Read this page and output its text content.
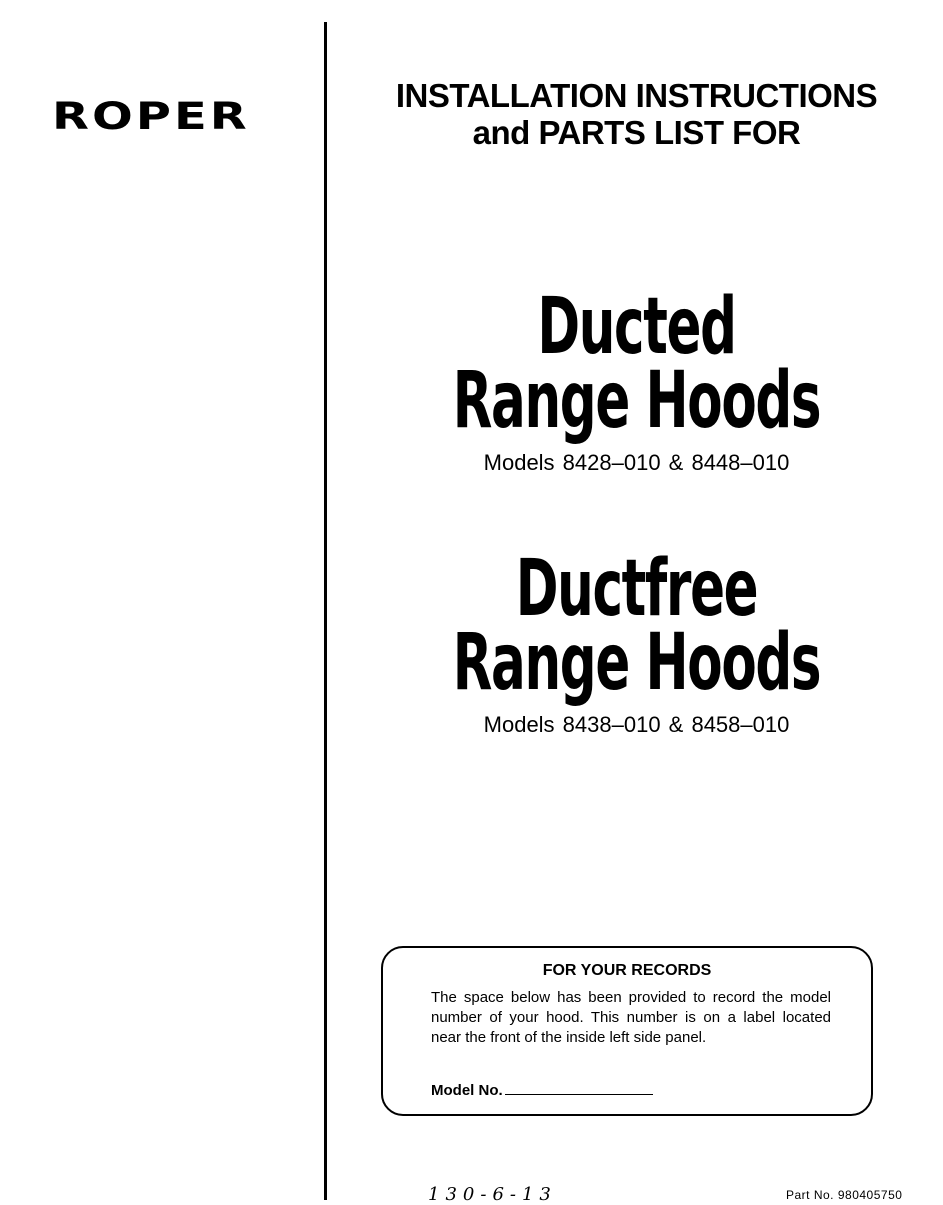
ROPER	INSTALLATION INSTRUCTIONS
and PARTS LIST FOR
Ducted
Range Hoods
Models 8428–010 & 8448–010
Ductfree
Range Hoods
Models 8438–010 & 8458–010
FOR YOUR RECORDS
The space below has been provided to record the model number of your hood. This number is on a label located near the front of the inside left side panel.
Model No.
130-6-13	Part No. 980405750
